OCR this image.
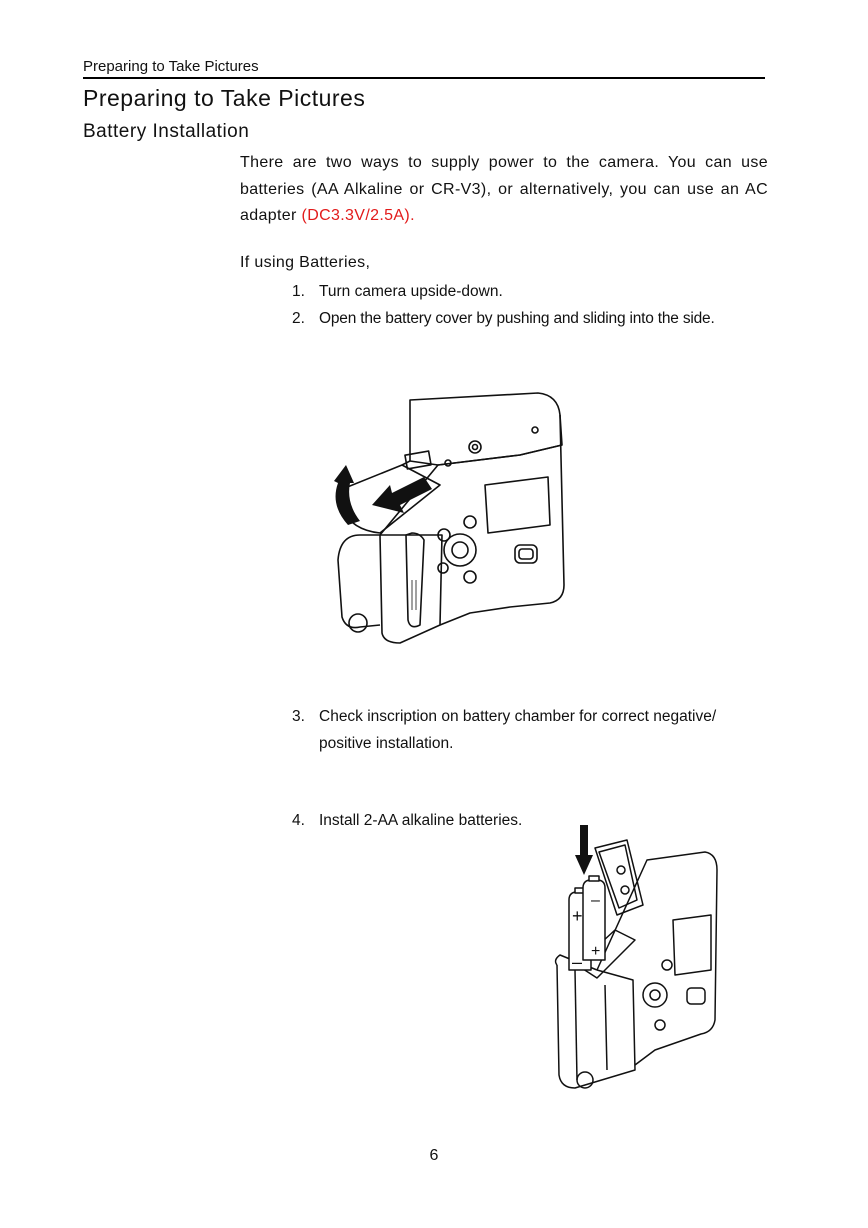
Preparing to Take Pictures
Preparing to Take Pictures
Battery Installation
There are two ways to supply power to the camera. You can use batteries (AA Alkaline or CR-V3), or alternatively, you can use an AC adapter (DC3.3V/2.5A).
If using Batteries,
1. Turn camera upside-down.
2. Open the battery cover by pushing and sliding into the side.
3. Check inscription on battery chamber for correct negative/
positive installation.
4. Install 2-AA alkaline batteries.
+
–
–
+
6
